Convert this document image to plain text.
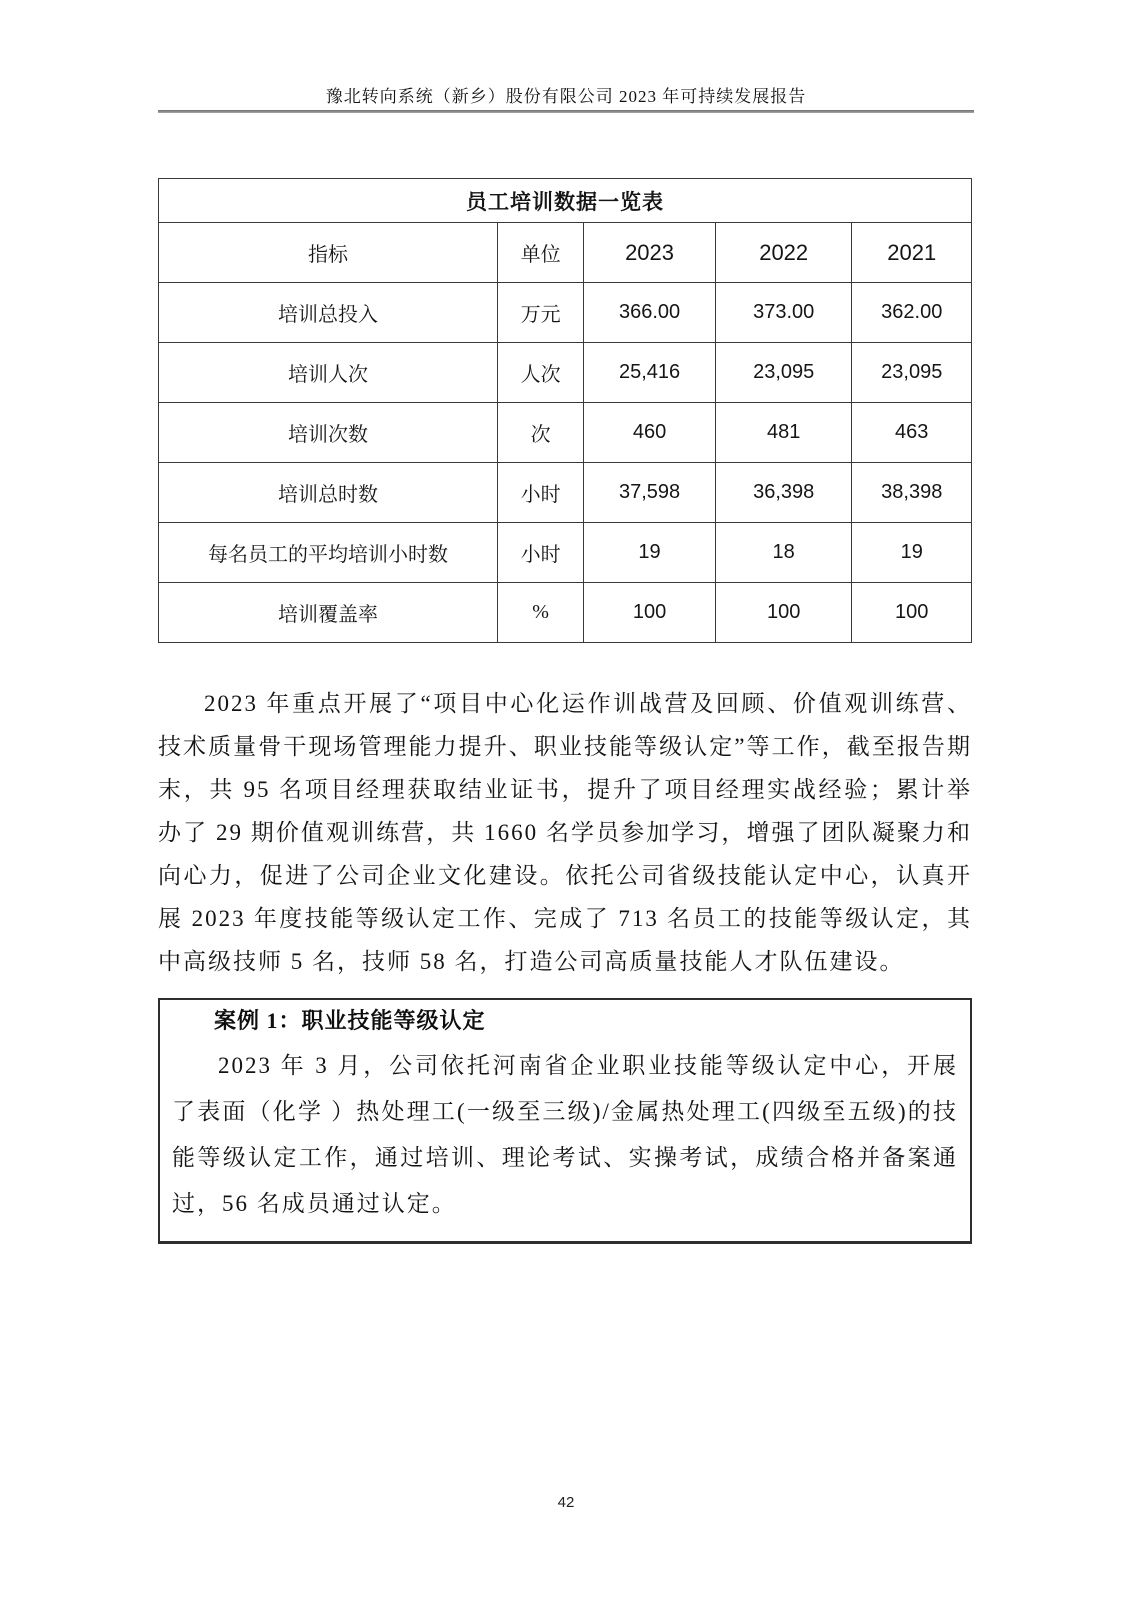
豫北转向系统（新乡）股份有限公司 2023 年可持续发展报告
员工培训数据一览表				
指标	单位	2023	2022	2021
培训总投入	万元	366.00	373.00	362.00
培训人次	人次	25,416	23,095	23,095
培训次数	次	460	481	463
培训总时数	小时	37,598	36,398	38,398
每名员工的平均培训小时数	小时	19	18	19
培训覆盖率	%	100	100	100
2023 年重点开展了“项目中心化运作训战营及回顾、价值观训练营、技术质量骨干现场管理能力提升、职业技能等级认定”等工作，截至报告期末，共 95 名项目经理获取结业证书，提升了项目经理实战经验；累计举办了 29 期价值观训练营，共 1660 名学员参加学习，增强了团队凝聚力和向心力，促进了公司企业文化建设。依托公司省级技能认定中心，认真开展 2023 年度技能等级认定工作、完成了 713 名员工的技能等级认定，其中高级技师 5 名，技师 58 名，打造公司高质量技能人才队伍建设。
案例 1：职业技能等级认定
2023 年 3 月，公司依托河南省企业职业技能等级认定中心，开展了表面（化学 ）热处理工(一级至三级)/金属热处理工(四级至五级)的技能等级认定工作，通过培训、理论考试、实操考试，成绩合格并备案通过，56 名成员通过认定。
42
